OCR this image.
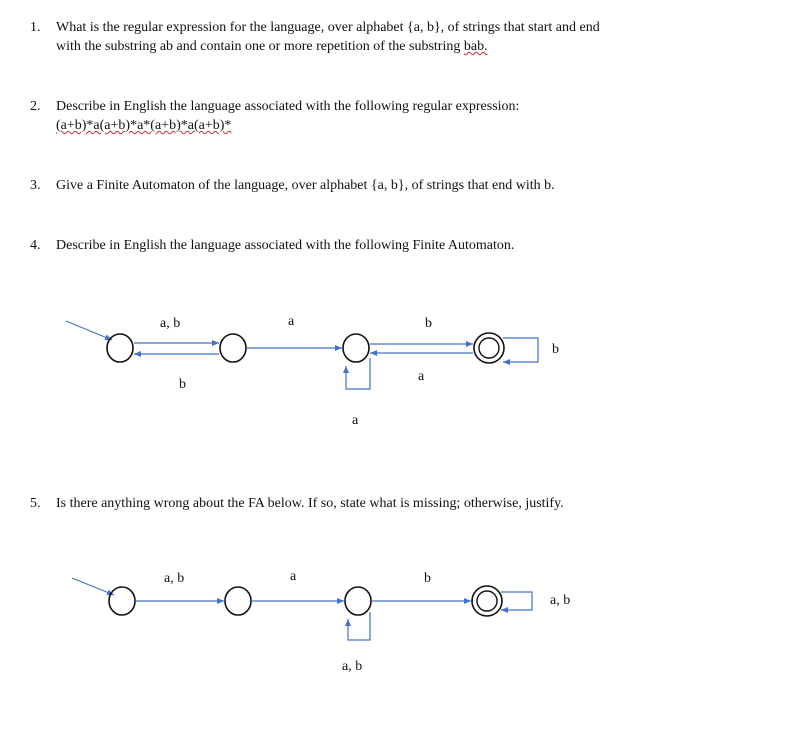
1. What is the regular expression for the language, over alphabet {a, b}, of strings that start and end
with the substring ab and contain one or more repetition of the substring bab.
2. Describe in English the language associated with the following regular expression:
(a+b)*a(a+b)*a*(a+b)*a(a+b)*
3. Give a Finite Automaton of the language, over alphabet {a, b}, of strings that end with b.
4. Describe in English the language associated with the following Finite Automaton.
a, b
b
a	b
a
a
b
5. Is there anything wrong about the FA below. If so, state what is missing; otherwise, justify.
a, b	a	b
a, b
a, b
